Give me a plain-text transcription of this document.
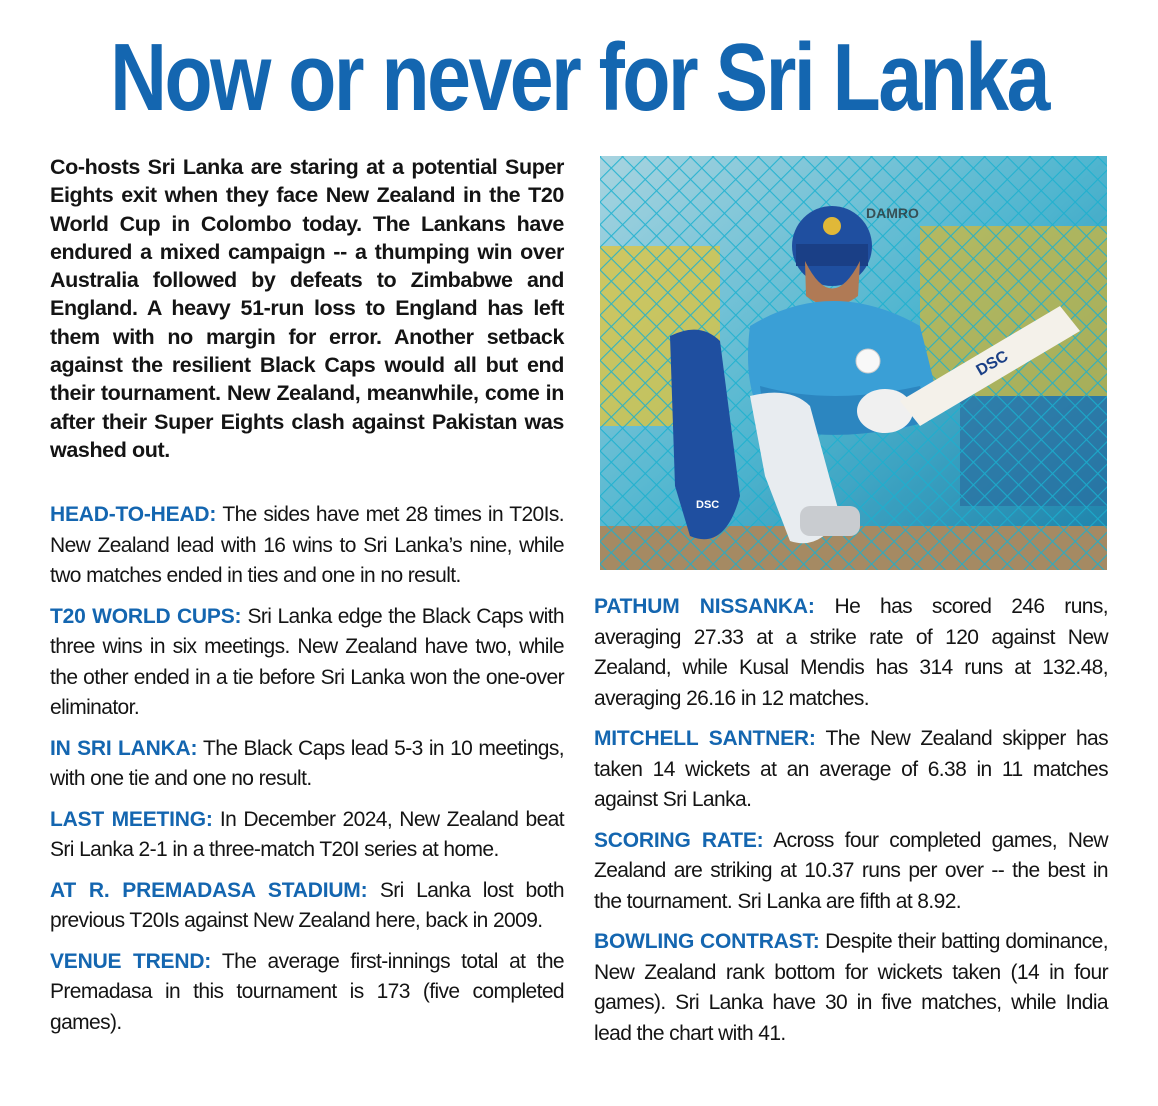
Now or never for Sri Lanka

Co-hosts Sri Lanka are staring at a potential Super Eights exit when they face New Zealand in the T20 World Cup in Colombo today. The Lankans have endured a mixed campaign -- a thumping win over Australia followed by defeats to Zimbabwe and England. A heavy 51-run loss to England has left them with no margin for error. Another setback against the resilient Black Caps would all but end their tournament. New Zealand, meanwhile, come in after their Super Eights clash against Pakistan was washed out.

DAMRO
DSC
DSC

HEAD-TO-HEAD: The sides have met 28 times in T20Is. New Zealand lead with 16 wins to Sri Lanka’s nine, while two matches ended in ties and one in no result.

T20 WORLD CUPS: Sri Lanka edge the Black Caps with three wins in six meetings. New Zealand have two, while the other ended in a tie before Sri Lanka won the one-over eliminator.

IN SRI LANKA: The Black Caps lead 5-3 in 10 meetings, with one tie and one no result.

LAST MEETING: In December 2024, New Zealand beat Sri Lanka 2-1 in a three-match T20I series at home.

AT R. PREMADASA STADIUM: Sri Lanka lost both previous T20Is against New Zealand here, back in 2009.

VENUE TREND: The average first-innings total at the Premadasa in this tournament is 173 (five completed games).

PATHUM NISSANKA: He has scored 246 runs, averaging 27.33 at a strike rate of 120 against New Zealand, while Kusal Mendis has 314 runs at 132.48, averaging 26.16 in 12 matches.

MITCHELL SANTNER: The New Zealand skipper has taken 14 wickets at an average of 6.38 in 11 matches against Sri Lanka.

SCORING RATE: Across four completed games, New Zealand are striking at 10.37 runs per over -- the best in the tournament. Sri Lanka are fifth at 8.92.

BOWLING CONTRAST: Despite their batting dominance, New Zealand rank bottom for wickets taken (14 in four games). Sri Lanka have 30 in five matches, while India lead the chart with 41.
